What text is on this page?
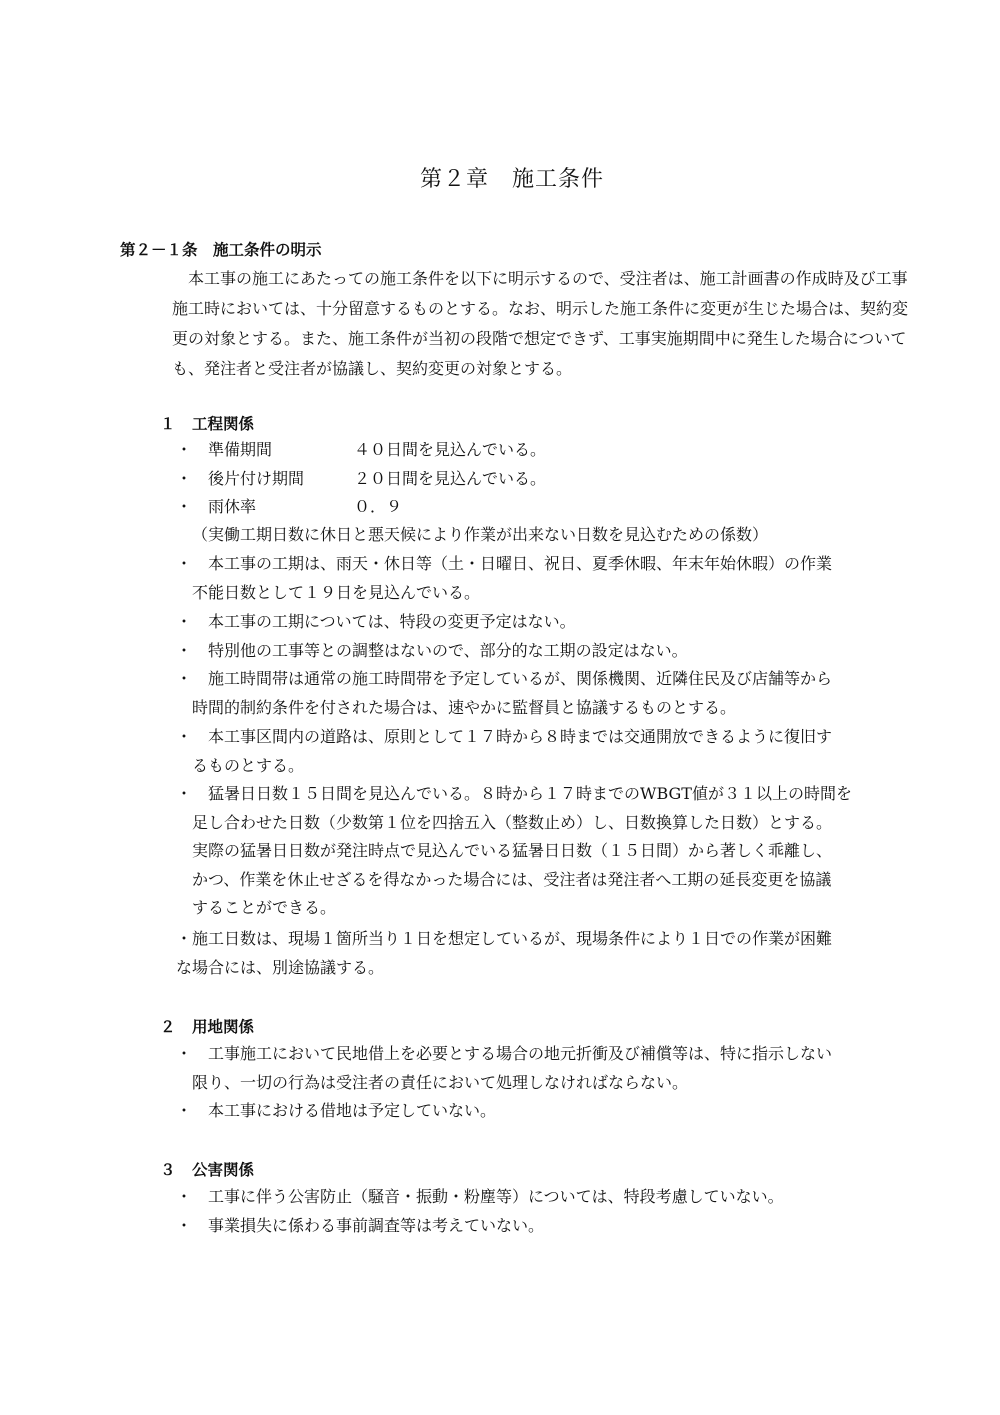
第２章　施工条件
第２－１条　施工条件の明示

本工事の施工にあたっての施工条件を以下に明示するので、受注者は、施工計画書の作成時及び工事施工時においては、十分留意するものとする。なお、明示した施工条件に変更が生じた場合は、契約変更の対象とする。また、施工条件が当初の段階で想定できず、工事実施期間中に発生した場合についても、発注者と受注者が協議し、契約変更の対象とする。

１ 工程関係
・ 準備期間	４０日間を見込んでいる。
・ 後片付け期間	２０日間を見込んでいる。
・ 雨休率	０．９
（実働工期日数に休日と悪天候により作業が出来ない日数を見込むための係数）
・ 本工事の工期は、雨天・休日等（土・日曜日、祝日、夏季休暇、年末年始休暇）の作業
不能日数として１９日を見込んでいる。
・ 本工事の工期については、特段の変更予定はない。
・ 特別他の工事等との調整はないので、部分的な工期の設定はない。
・ 施工時間帯は通常の施工時間帯を予定しているが、関係機関、近隣住民及び店舗等から
時間的制約条件を付された場合は、速やかに監督員と協議するものとする。
・ 本工事区間内の道路は、原則として１７時から８時までは交通開放できるように復旧す
るものとする。
・ 猛暑日日数１５日間を見込んでいる。８時から１７時までのWBGT値が３１以上の時間を
足し合わせた日数（少数第１位を四捨五入（整数止め）し、日数換算した日数）とする。
実際の猛暑日日数が発注時点で見込んでいる猛暑日日数（１５日間）から著しく乖離し、
かつ、作業を休止せざるを得なかった場合には、受注者は発注者へ工期の延長変更を協議
することができる。
・施工日数は、現場１箇所当り１日を想定しているが、現場条件により１日での作業が困難
な場合には、別途協議する。
２ 用地関係
・ 工事施工において民地借上を必要とする場合の地元折衝及び補償等は、特に指示しない
限り、一切の行為は受注者の責任において処理しなければならない。
・ 本工事における借地は予定していない。
３ 公害関係
・ 工事に伴う公害防止（騒音・振動・粉塵等）については、特段考慮していない。
・ 事業損失に係わる事前調査等は考えていない。
